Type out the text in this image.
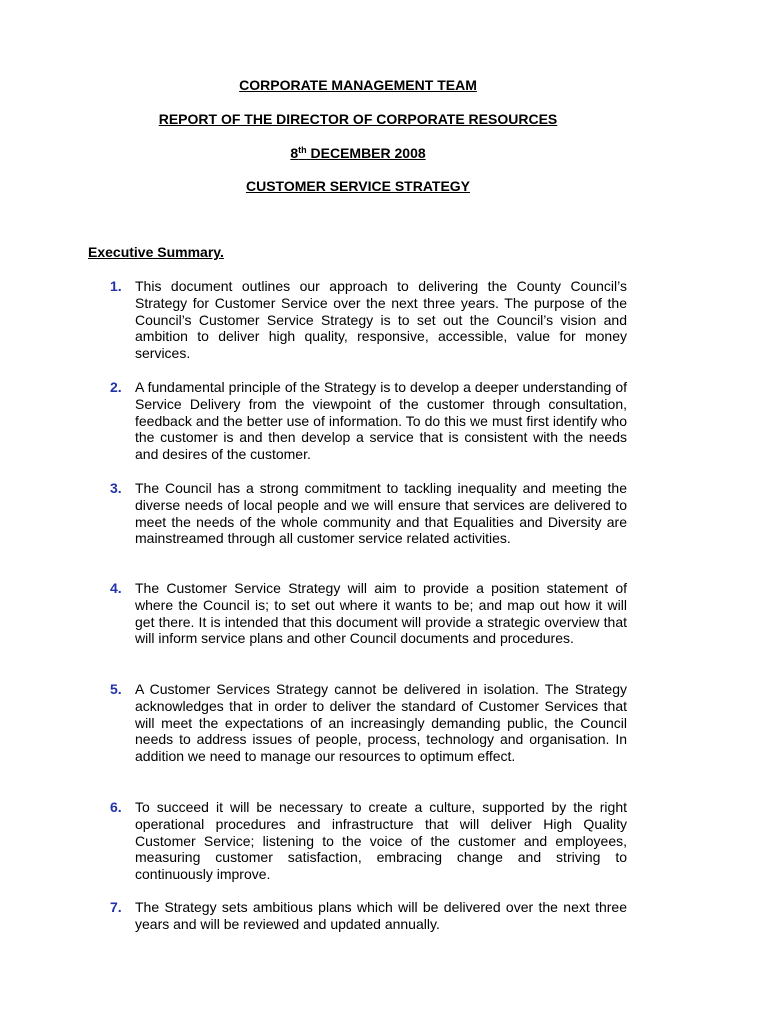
CORPORATE MANAGEMENT TEAM
REPORT OF THE DIRECTOR OF CORPORATE RESOURCES
8th DECEMBER 2008
CUSTOMER SERVICE STRATEGY
Executive Summary.
1. This document outlines our approach to delivering the County Council’s Strategy for Customer Service over the next three years. The purpose of the Council’s Customer Service Strategy is to set out the Council’s vision and ambition to deliver high quality, responsive, accessible, value for money services.
2. A fundamental principle of the Strategy is to develop a deeper understanding of Service Delivery from the viewpoint of the customer through consultation, feedback and the better use of information. To do this we must first identify who the customer is and then develop a service that is consistent with the needs and desires of the customer.
3. The Council has a strong commitment to tackling inequality and meeting the diverse needs of local people and we will ensure that services are delivered to meet the needs of the whole community and that Equalities and Diversity are mainstreamed through all customer service related activities.
4. The Customer Service Strategy will aim to provide a position statement of where the Council is; to set out where it wants to be; and map out how it will get there. It is intended that this document will provide a strategic overview that will inform service plans and other Council documents and procedures.
5. A Customer Services Strategy cannot be delivered in isolation. The Strategy acknowledges that in order to deliver the standard of Customer Services that will meet the expectations of an increasingly demanding public, the Council needs to address issues of people, process, technology and organisation. In addition we need to manage our resources to optimum effect.
6. To succeed it will be necessary to create a culture, supported by the right operational procedures and infrastructure that will deliver High Quality Customer Service; listening to the voice of the customer and employees, measuring customer satisfaction, embracing change and striving to continuously improve.
7. The Strategy sets ambitious plans which will be delivered over the next three years and will be reviewed and updated annually.
